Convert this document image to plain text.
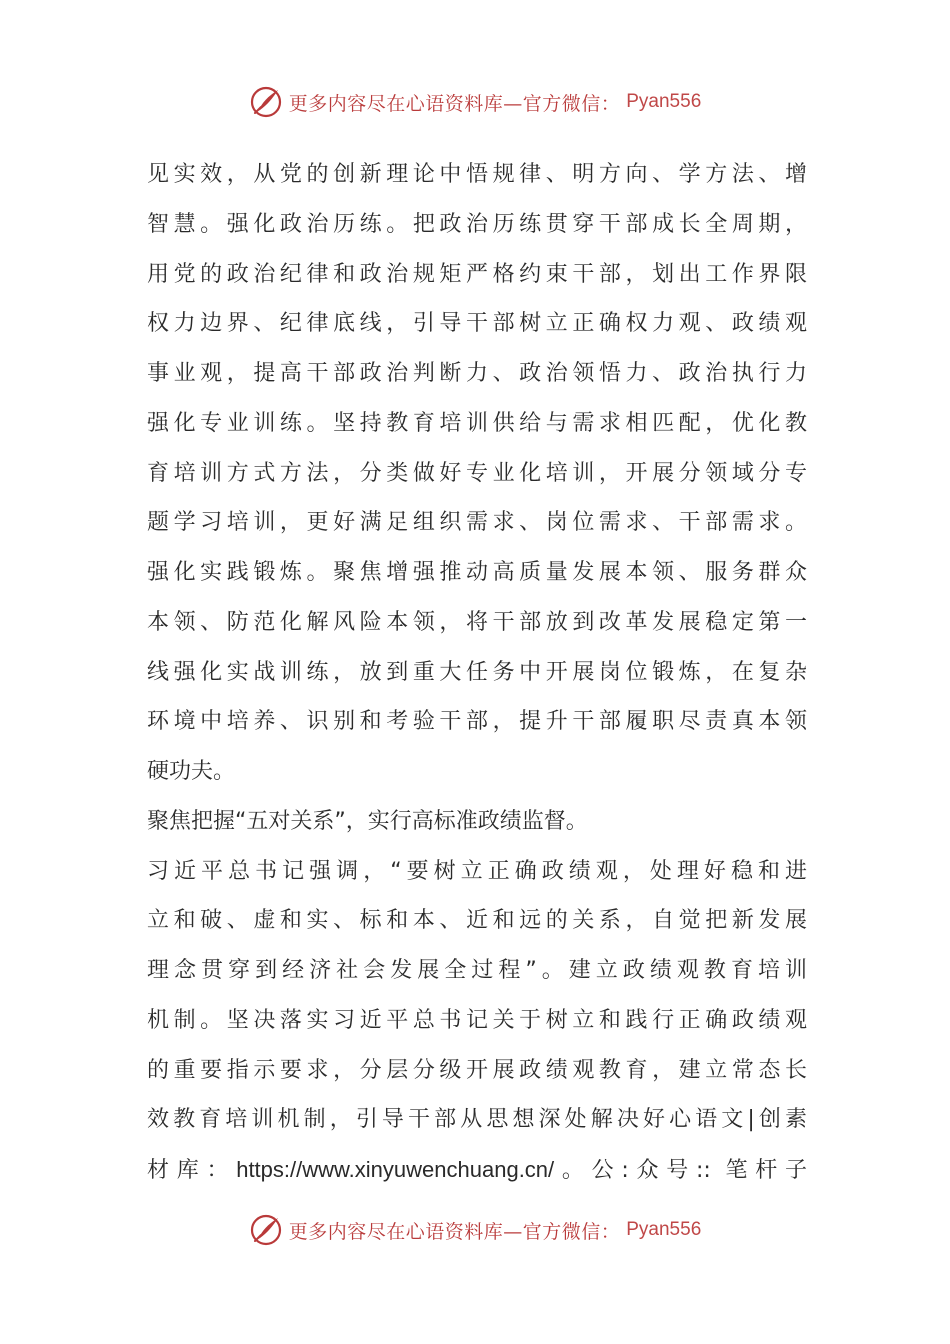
更多内容尽在心语资料库—官方微信： Pyan556
见实效，从党的创新理论中悟规律、明方向、学方法、增
智慧。强化政治历练。把政治历练贯穿干部成长全周期，
用党的政治纪律和政治规矩严格约束干部，划出工作界限
权力边界、纪律底线，引导干部树立正确权力观、政绩观
事业观，提高干部政治判断力、政治领悟力、政治执行力
强化专业训练。坚持教育培训供给与需求相匹配，优化教
育培训方式方法，分类做好专业化培训，开展分领域分专
题学习培训，更好满足组织需求、岗位需求、干部需求。
强化实践锻炼。聚焦增强推动高质量发展本领、服务群众
本领、防范化解风险本领，将干部放到改革发展稳定第一
线强化实战训练，放到重大任务中开展岗位锻炼，在复杂
环境中培养、识别和考验干部，提升干部履职尽责真本领
硬功夫。
聚焦把握“五对关系”，实行高标准政绩监督。
习近平总书记强调，“要树立正确政绩观，处理好稳和进
立和破、虚和实、标和本、近和远的关系，自觉把新发展
理念贯穿到经济社会发展全过程”。建立政绩观教育培训
机制。坚决落实习近平总书记关于树立和践行正确政绩观
的重要指示要求，分层分级开展政绩观教育，建立常态长
效教育培训机制，引导干部从思想深处解决好心语文|创素
材库：https://www.xinyuwenchuang.cn/。公:众号:: 笔杆子
更多内容尽在心语资料库—官方微信： Pyan556
